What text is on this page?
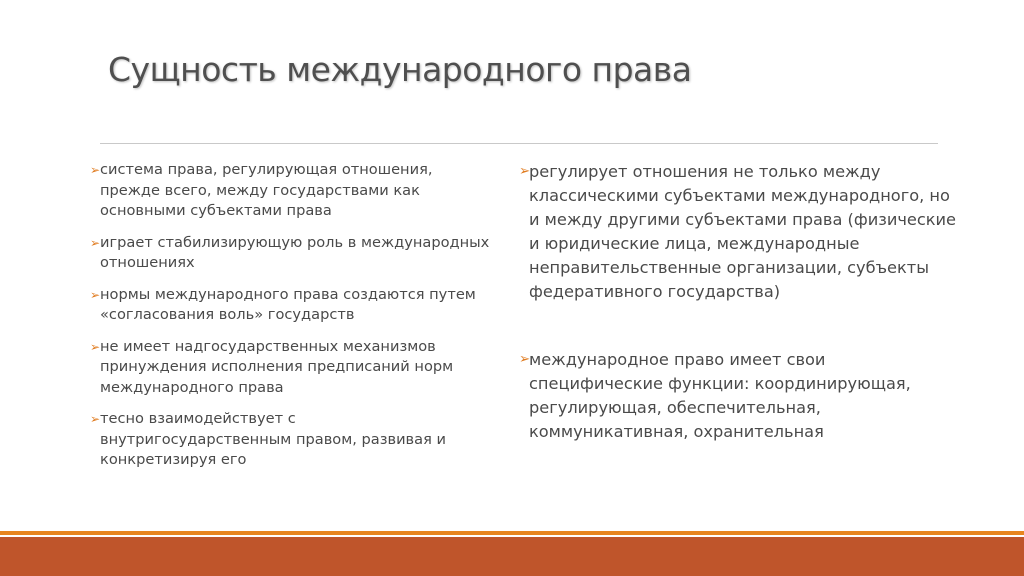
Сущность международного права
➢ система права, регулирующая отношения, прежде всего, между государствами как основными субъектами права
➢ играет стабилизирующую роль в международных отношениях
➢ нормы международного права создаются путем «согласования воль» государств
➢ не имеет надгосударственных механизмов принуждения исполнения предписаний норм международного права
➢ тесно взаимодействует с внутригосударственным правом, развивая и конкретизируя его
➢
регулирует отношения не только между классическими субъектами международного, но и между другими субъектами права (физические и юридические лица, международные неправительственные организации, субъекты федеративного государства)
➢
международное право имеет свои специфические функции: координирующая, регулирующая, обеспечительная, коммуникативная, охранительная
